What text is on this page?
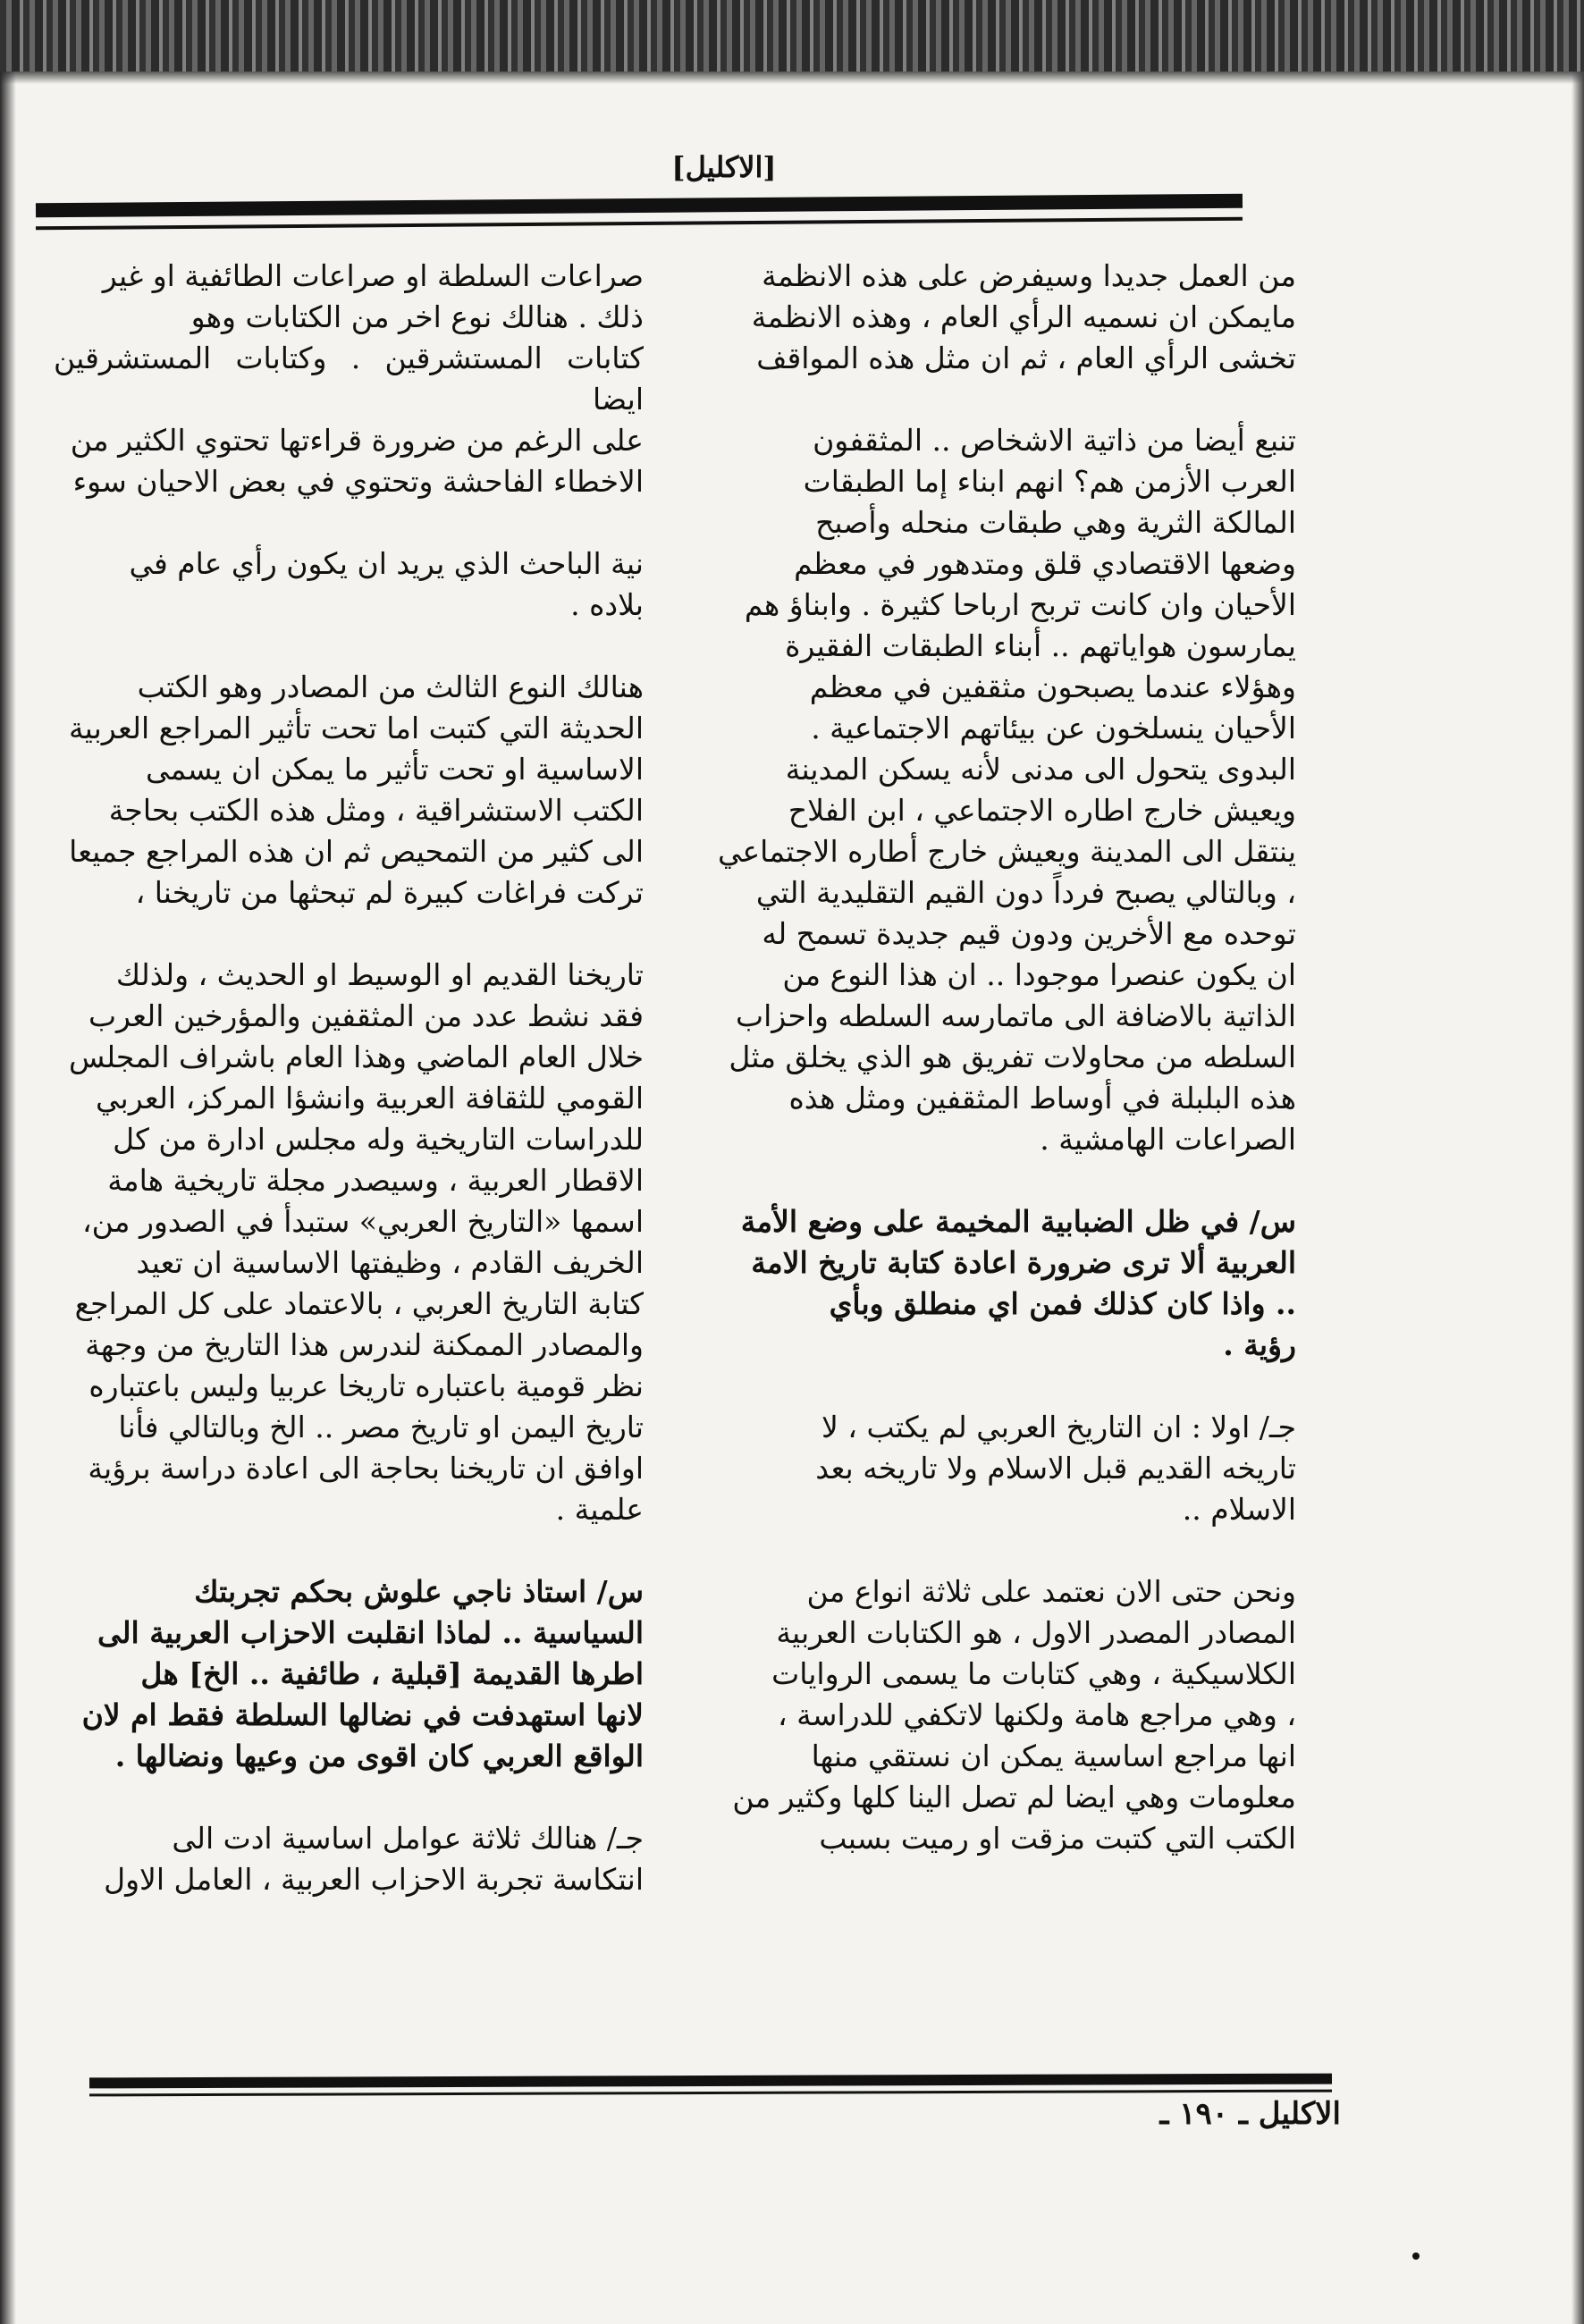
[الاكليل]

من العمل جديدا وسيفرض على هذه الانظمة
مايمكن ان نسميه الرأي العام ، وهذه الانظمة
تخشى الرأي العام ، ثم ان مثل هذه المواقف

تنبع أيضا من ذاتية الاشخاص .. المثقفون
العرب الأزمن هم؟ انهم ابناء إما الطبقات
المالكة الثرية وهي طبقات منحله وأصبح
وضعها الاقتصادي قلق ومتدهور في معظم
الأحيان وان كانت تربح ارباحا كثيرة . وابناؤ هم
يمارسون هواياتهم .. أبناء الطبقات الفقيرة
وهؤلاء عندما يصبحون مثقفين في معظم
الأحيان ينسلخون عن بيئاتهم الاجتماعية .
البدوى يتحول الى مدنى لأنه يسكن المدينة
ويعيش خارج اطاره الاجتماعي ، ابن الفلاح
ينتقل الى المدينة ويعيش خارج أطاره الاجتماعي
، وبالتالي يصبح فرداً دون القيم التقليدية التي
توحده مع الأخرين ودون قيم جديدة تسمح له
ان يكون عنصرا موجودا .. ان هذا النوع من
الذاتية بالاضافة الى ماتمارسه السلطه واحزاب
السلطه من محاولات تفريق هو الذي يخلق مثل
هذه البلبلة في أوساط المثقفين ومثل هذه
الصراعات الهامشية .

س/ في ظل الضبابية المخيمة على وضع الأمة
العربية ألا ترى ضرورة اعادة كتابة تاريخ الامة
.. واذا كان كذلك فمن اي منطلق وبأي
رؤية .

جـ/ اولا : ان التاريخ العربي لم يكتب ، لا
تاريخه القديم قبل الاسلام ولا تاريخه بعد
الاسلام ..

ونحن حتى الان نعتمد على ثلاثة انواع من
المصادر المصدر الاول ، هو الكتابات العربية
الكلاسيكية ، وهي كتابات ما يسمى الروايات
، وهي مراجع هامة ولكنها لاتكفي للدراسة ،
انها مراجع اساسية يمكن ان نستقي منها
معلومات وهي ايضا لم تصل الينا كلها وكثير من
الكتب التي كتبت مزقت او رميت بسبب

صراعات السلطة او صراعات الطائفية او غير
ذلك . هنالك نوع اخر من الكتابات وهو
كتابات المستشرقين . وكتابات المستشرقين ايضا
على الرغم من ضرورة قراءتها تحتوي الكثير من
الاخطاء الفاحشة وتحتوي في بعض الاحيان سوء

نية الباحث الذي يريد ان يكون رأي عام في
بلاده .

هنالك النوع الثالث من المصادر وهو الكتب
الحديثة التي كتبت اما تحت تأثير المراجع العربية
الاساسية او تحت تأثير ما يمكن ان يسمى
الكتب الاستشراقية ، ومثل هذه الكتب بحاجة
الى كثير من التمحيص ثم ان هذه المراجع جميعا
تركت فراغات كبيرة لم تبحثها من تاريخنا ،

تاريخنا القديم او الوسيط او الحديث ، ولذلك
فقد نشط عدد من المثقفين والمؤرخين العرب
خلال العام الماضي وهذا العام باشراف المجلس
القومي للثقافة العربية وانشؤا المركز، العربي
للدراسات التاريخية وله مجلس ادارة من كل
الاقطار العربية ، وسيصدر مجلة تاريخية هامة
اسمها «التاريخ العربي» ستبدأ في الصدور من،
الخريف القادم ، وظيفتها الاساسية ان تعيد
كتابة التاريخ العربي ، بالاعتماد على كل المراجع
والمصادر الممكنة لندرس هذا التاريخ من وجهة
نظر قومية باعتباره تاريخا عربيا وليس باعتباره
تاريخ اليمن او تاريخ مصر .. الخ وبالتالي فأنا
اوافق ان تاريخنا بحاجة الى اعادة دراسة برؤية
علمية .

س/ استاذ ناجي علوش بحكم تجربتك
السياسية .. لماذا انقلبت الاحزاب العربية الى
اطرها القديمة [قبلية ، طائفية .. الخ] هل
لانها استهدفت في نضالها السلطة فقط ام لان
الواقع العربي كان اقوى من وعيها ونضالها .

جـ/ هنالك ثلاثة عوامل اساسية ادت الى
انتكاسة تجربة الاحزاب العربية ، العامل الاول

الاكليل ـ ١٩٠ ـ
